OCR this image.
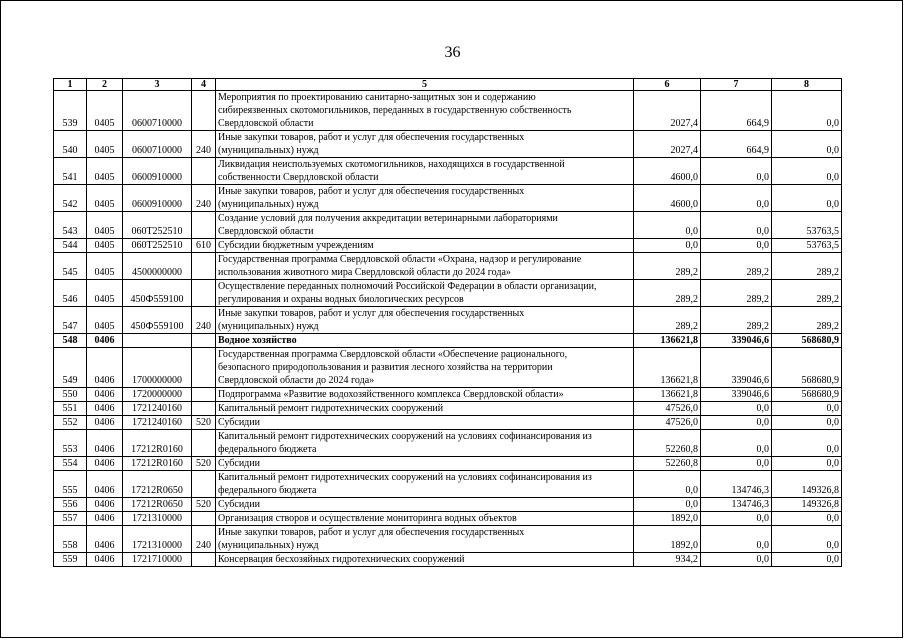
36
1	2	3	4	5	6	7	8
539	0405	0600710000		Мероприятия по проектированию санитарно-защитных зон и содержанию
сибиреязвенных скотомогильников, переданных в государственную собственность
Свердловской области	2027,4	664,9	0,0
540	0405	0600710000	240	Иные закупки товаров, работ и услуг для обеспечения государственных
(муниципальных) нужд	2027,4	664,9	0,0
541	0405	0600910000		Ликвидация неиспользуемых скотомогильников, находящихся в государственной
собственности Свердловской области	4600,0	0,0	0,0
542	0405	0600910000	240	Иные закупки товаров, работ и услуг для обеспечения государственных
(муниципальных) нужд	4600,0	0,0	0,0
543	0405	060Т252510		Создание условий для получения аккредитации ветеринарными лабораториями
Свердловской области	0,0	0,0	53763,5
544	0405	060Т252510	610	Субсидии бюджетным учреждениям	0,0	0,0	53763,5
545	0405	4500000000		Государственная программа Свердловской области «Охрана, надзор и регулирование
использования животного мира Свердловской области до 2024 года»	289,2	289,2	289,2
546	0405	450Ф559100		Осуществление переданных полномочий Российской Федерации в области организации,
регулирования и охраны водных биологических ресурсов	289,2	289,2	289,2
547	0405	450Ф559100	240	Иные закупки товаров, работ и услуг для обеспечения государственных
(муниципальных) нужд	289,2	289,2	289,2
548	0406			Водное хозяйство	136621,8	339046,6	568680,9
549	0406	1700000000		Государственная программа Свердловской области «Обеспечение рационального,
безопасного природопользования и развития лесного хозяйства на территории
Свердловской области до 2024 года»	136621,8	339046,6	568680,9
550	0406	1720000000		Подпрограмма «Развитие водохозяйственного комплекса Свердловской области»	136621,8	339046,6	568680,9
551	0406	1721240160		Капитальный ремонт гидротехнических сооружений	47526,0	0,0	0,0
552	0406	1721240160	520	Субсидии	47526,0	0,0	0,0
553	0406	17212R0160		Капитальный ремонт гидротехнических сооружений на условиях софинансирования из
федерального бюджета	52260,8	0,0	0,0
554	0406	17212R0160	520	Субсидии	52260,8	0,0	0,0
555	0406	17212R0650		Капитальный ремонт гидротехнических сооружений на условиях софинансирования из
федерального бюджета	0,0	134746,3	149326,8
556	0406	17212R0650	520	Субсидии	0,0	134746,3	149326,8
557	0406	1721310000		Организация створов и осуществление мониторинга водных объектов	1892,0	0,0	0,0
558	0406	1721310000	240	Иные закупки товаров, работ и услуг для обеспечения государственных
(муниципальных) нужд	1892,0	0,0	0,0
559	0406	1721710000		Консервация бесхозяйных гидротехнических сооружений	934,2	0,0	0,0
